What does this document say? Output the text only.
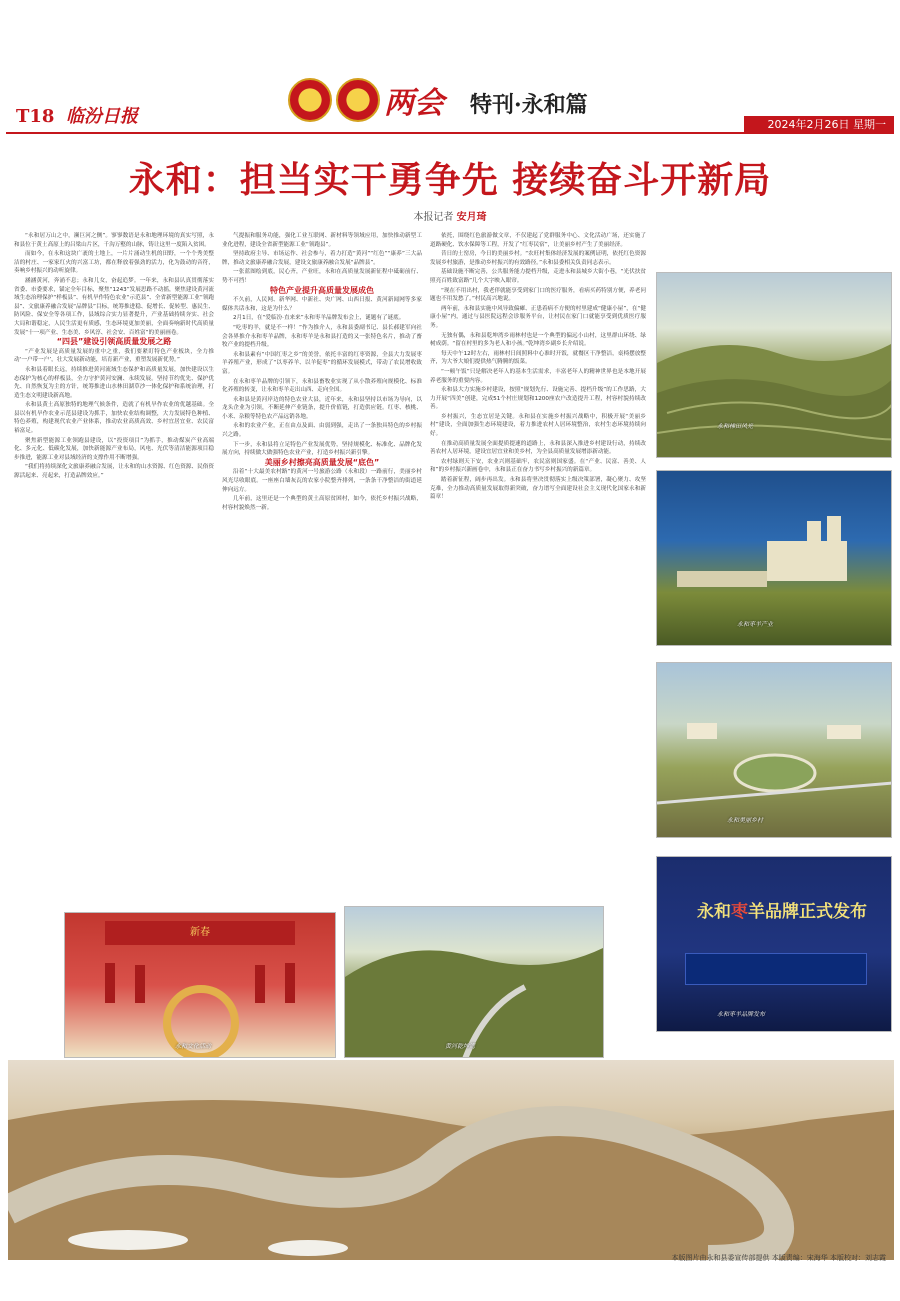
两会 特刊·永和篇
2024年2月26日 星期一
T18 临汾日报
永和：担当实干勇争先 接续奋斗开新局
本报记者 安月琦

“永和居万山之中，濒巨河之侧”。寥寥数语是永和地理环境的真实写照，永和县位于黄土高原上的吕梁山片区，千沟万壑的山脉，铸让这里一度陷入贫困。

而如今，在永和这块广袤的土地上，一片片涌动生机的田野，一个个秀美整洁的村庄、一家家红火的兴富工坊，都在释放着强劲的活力，化为鼓动的音符，奏响乡村振兴的动听旋律。

涵涵黄河，奔涌不息；永和儿女，奋起追梦。一年来，永和县认真贯彻落实省委、市委要求，锚定全年目标，聚焦“1243”发展思路不动摇，聚焦建设黄河流域生态治理保护“样板县”、有机旱作特色农业“示范县”、全省新型能源工业“领跑县”、文旅康养融合发展“品牌县”目标，统筹推进稳、促增长、促转型、惠民生、防风险、保安全等各项工作，县域综合实力显著提升，产业基础持续夯实、社会大局和谐稳定，人民生活更有质感，生态环境更加美丽，全面奏响新时代高质量发展“十一项产业、生态美、乡风淳、社会安、百姓富”的美丽画卷。

“四县”建设引领高质量发展之路

“产业发展是高质量发展的重中之重，我们要紧盯特色产业板块，全力推动‘一户带一户’，壮大发展新动能，培育新产业，重塑发展新优势。”

永和县着眼长远，持续推进黄河流域生态保护和高质量发展，加快建设以生态保护为核心的样板县，全力守护黄河安澜、永续发展。坚持节约优先、保护优先、自然恢复为主的方针，统筹推进山水林田湖草沙一体化保护和系统治理，打造生态文明建设新高地。

永和县黄土高原独特的地理气候条件，造就了有机旱作农业的优越基础。全县以有机旱作农业示范县建设为抓手，加快农业结构调整，大力发展特色种植、特色养殖，构建现代农业产业体系，推动农业高质高效、乡村宜居宜业、农民富裕富足。

聚焦新型能源工业领跑县建设，以“投资项目”为抓手，推动煤炭产业高端化、多元化、低碳化发展，加快新能源产业布局，风电、光伏等清洁能源项目稳步推进，能源工业对县域经济的支撑作用不断增强。

“我们将持续深化文旅康养融合发展，让永和的山水资源、红色资源、民俗资源活起来、亮起来，打造品牌效应。”

气提振和服务功能，强化工业互联网、新材料等领域应用，加快推动新型工业化进程，建设全省新型能源工业“领跑县”。

坚持政府主导、市场运作、社会参与，着力打造“黄河”“红色”“康养”三大品牌，推动文旅康养融合发展，建设文旅康养融合发展“品牌县”。

一张蓝图绘到底，民心齐，产业旺，永和在高质量发展新征程中砥砺前行、势不可挡！

特色产业提升高质量发展成色

不久前，人民网、新华网、中新社、央广网、山西日报、黄河新闻网等多家媒体共话永和，这是为什么？

2月1日，在“爱临汾·直来来”永和枣羊品牌发布会上，谜题有了谜底。

“吃枣的羊，就是不一样！”作为推介人，永和县委副书记、县长郝建军向社会各界推介永和枣羊品牌，永和枣羊是永和县打造的又一张特色名片，推动了畜牧产业的提档升级。

永和县素有“中国红枣之乡”的美誉，依托丰富的红枣资源，全县大力发展枣羊养殖产业，形成了“以枣养羊、以羊促枣”的循环发展模式，带动了农民增收致富。

在永和枣羊品牌的引领下，永和县畜牧业实现了从小散养殖向规模化、标准化养殖的转变，让永和枣羊走出山西、走向全国。

永和县是黄河岸边的特色农业大县，近年来，永和县坚持以市场为导向，以龙头企业为引领，不断延伸产业链条，提升价值链，打造供应链。红枣、核桃、小米、杂粮等特色农产品远销各地。

永和的农业产业，正在由点及面、由弱到强，走出了一条独具特色的乡村振兴之路。

下一步，永和县将立足特色产业发展优势，坚持规模化、标准化、品牌化发展方向，持续做大做强特色农业产业，打造乡村振兴新引擎。

美丽乡村擦亮高质量发展“底色”

沿着“十大最美农村路”的黄河一号旅游公路（永和段）一路前行，美丽乡村风光尽收眼底。一座座白墙灰瓦的农家小院整齐排列，一条条干净整洁的街道延伸向远方。

几年前，这里还是一个典型的黄土高原贫困村，如今，依托乡村振兴战略，村容村貌焕然一新。

依托，围绕红色旅游做文章，不仅建起了党群服务中心、文化活动广场，还实施了道路硬化、饮水保障等工程，开发了“红枣民宿”，让美丽乡村产生了美丽经济。

昔日的土窑房，今日的美丽乡村。“农旺村集体经济发展的案例证明，依托红色资源发展乡村旅游，是推动乡村振兴的有效路径。”永和县委相关负责同志表示。

基础设施不断完善，公共服务能力提档升级，走进永和县城乡大街小巷，“光伏扶贫照亮百姓致富路”几个大字映入眼帘。

“现在不用出村，我老伴就能享受到家门口的医疗服务，看病买药特别方便，养老问题也不用发愁了。”村民高兴地说。

两年前，永和县实施中风导致偏瘫、正患着病不方便的村里建成“健康小屋”，在“健康小屋”内，通过与县医院远程会诊服务平台，让村民在家门口就能享受到优质医疗服务。

无独有偶，永和县乾坤湾乡雨林村也是一个典型的偏远小山村，这里群山环绕、绿树成荫。“留在村里的多为老人和小孩。”乾坤湾乡副乡长介绍说。

每天中午12时左右，雨林村日间照料中心准时开饭，就餐区干净整洁，桌椅摆放整齐，为大爷大娘们提供热气腾腾的饭菜。

“一顿午饭”只是解决老年人的基本生活需求，丰富老年人的精神世界也是本地开展养老服务的重要内容。

永和县大力实施乡村建设，按照“规划先行、设施完善、提档升级”的工作思路，大力开展“四美”创建，完成51个村庄规划和1200座农户改造提升工程，村容村貌持续改善。

乡村振兴，生态宜居是关键。永和县在实施乡村振兴战略中，积极开展“美丽乡村”建设，全面加强生态环境建设，着力推进农村人居环境整治，农村生态环境持续向好。

在推动高质量发展全面提质提速的道路上，永和县深入推进乡村建设行动，持续改善农村人居环境，建设宜居宜业和美乡村，为全县高质量发展增添新动能。

农村绿则天下安，农业兴则基础牢，农民富则国家盛。在“产业、民富、善美、人和”的乡村振兴新画卷中，永和县正在奋力书写乡村振兴的新篇章。

踏着新征程，阔步再出发。永和县将坚决贯彻落实上级决策部署，凝心聚力、攻坚克难，全力推动高质量发展取得新突破，奋力谱写全面建设社会主义现代化国家永和新篇章！

永和梯田风光
永和枣羊产业
永和美丽乡村
永和枣羊品牌正式发布
永和枣羊品牌发布
新春
永和文化活动	黄河乾坤湾
本版图片由永和县委宣传部提供 本版责编：宋海华 本版校对：刘志霞
